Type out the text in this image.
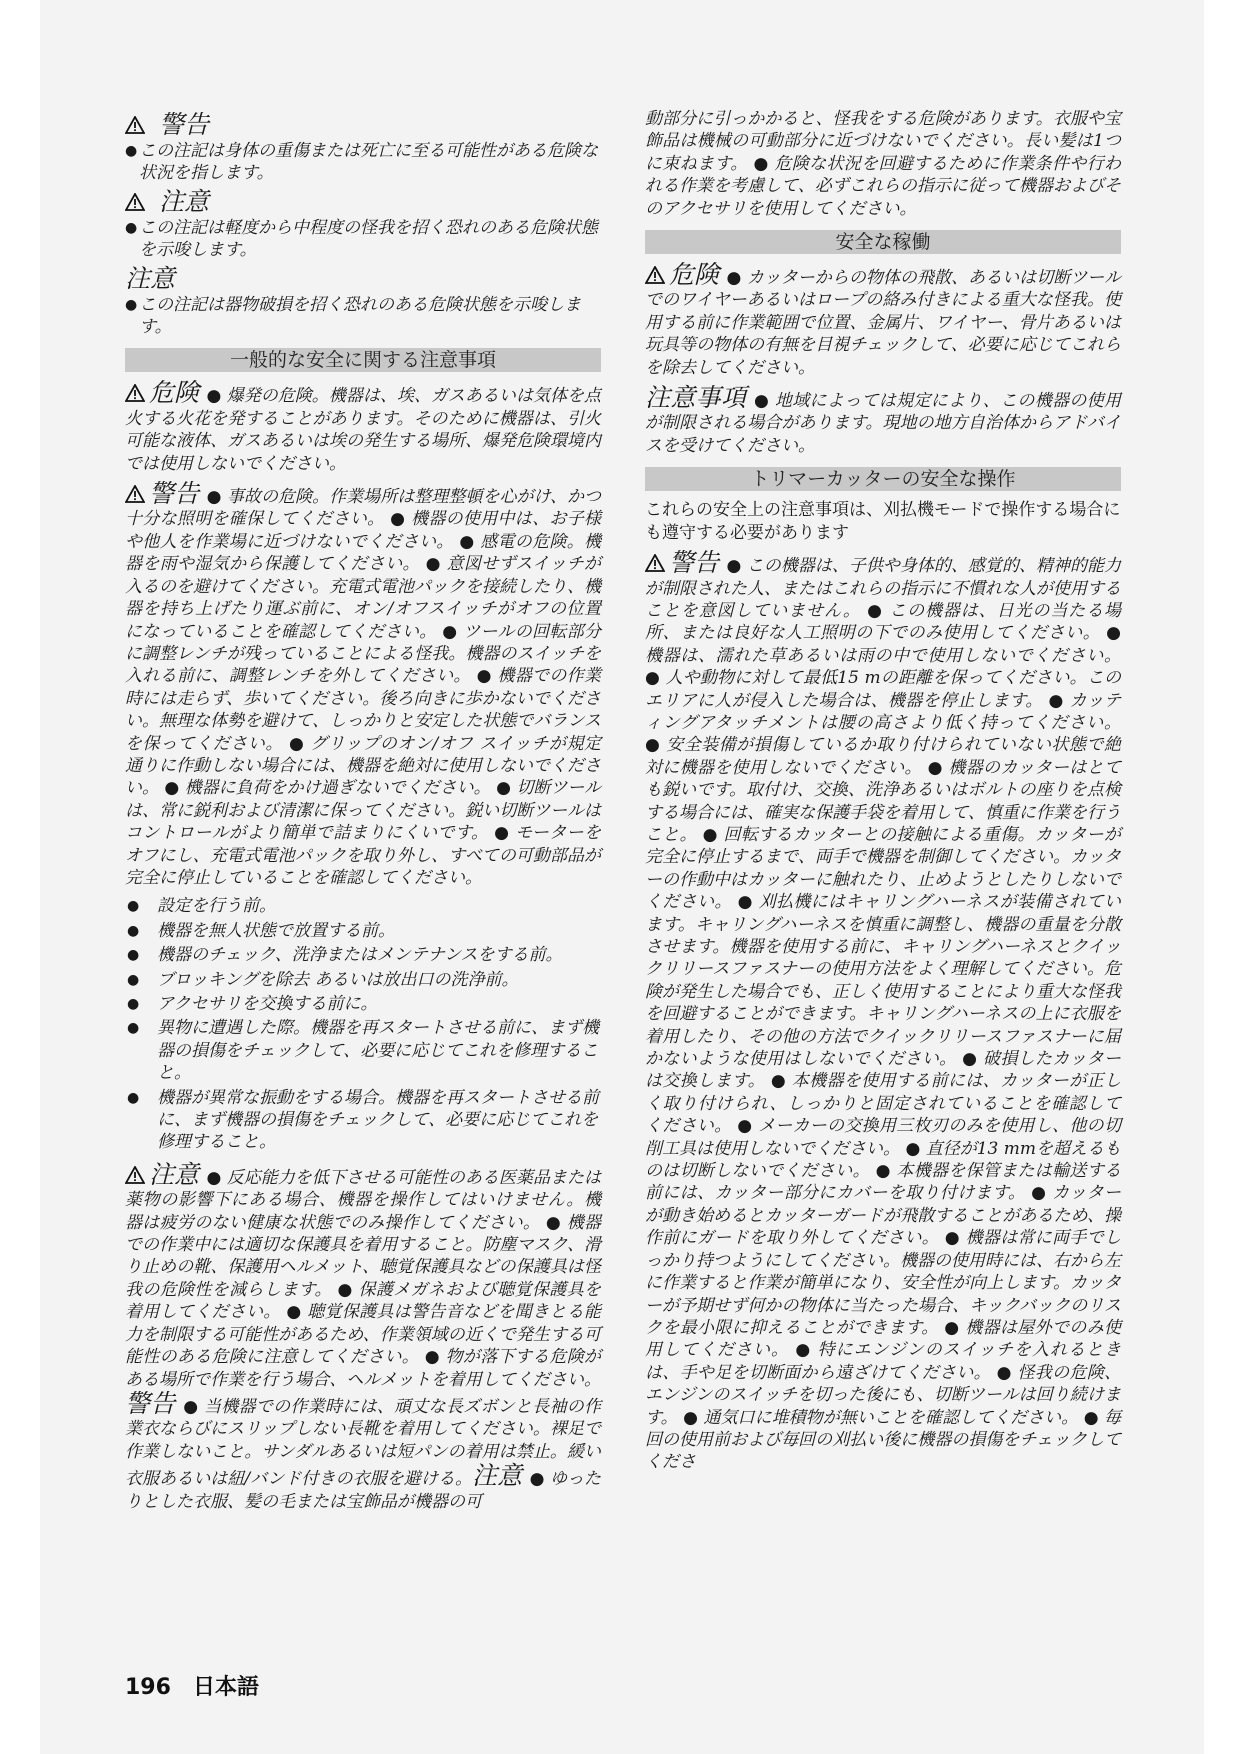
警告
● この注記は身体の重傷または死亡に至る可能性がある危険な状況を指します。
注意
● この注記は軽度から中程度の怪我を招く恐れのある危険状態を示唆します。
注意
● この注記は器物破損を招く恐れのある危険状態を示唆します。
一般的な安全に関する注意事項

危険 ● 爆発の危険。機器は、埃、ガスあるいは気体を点火する火花を発することがあります。そのために機器は、引火可能な液体、ガスあるいは埃の発生する場所、爆発危険環境内では使用しないでください。

警告 ● 事故の危険。作業場所は整理整頓を心がけ、かつ十分な照明を確保してください。 ● 機器の使用中は、お子様や他人を作業場に近づけないでください。 ● 感電の危険。機器を雨や湿気から保護してください。 ● 意図せずスイッチが入るのを避けてください。充電式電池パックを接続したり、機器を持ち上げたり運ぶ前に、オン/オフスイッチがオフの位置になっていることを確認してください。 ● ツールの回転部分に調整レンチが残っていることによる怪我。機器のスイッチを入れる前に、調整レンチを外してください。 ● 機器での作業時には走らず、歩いてください。後ろ向きに歩かないでください。無理な体勢を避けて、しっかりと安定した状態でバランスを保ってください。 ● グリップのオン/オフ スイッチが規定通りに作動しない場合には、機器を絶対に使用しないでください。 ● 機器に負荷をかけ過ぎないでください。 ● 切断ツールは、常に鋭利および清潔に保ってください。鋭い切断ツールはコントロールがより簡単で詰まりにくいです。 ● モーターをオフにし、充電式電池パックを取り外し、すべての可動部品が完全に停止していることを確認してください。

●	設定を行う前。
●	機器を無人状態で放置する前。
●	機器のチェック、洗浄またはメンテナンスをする前。
●	ブロッキングを除去 あるいは放出口の洗浄前。
●	アクセサリを交換する前に。
●	異物に遭遇した際。機器を再スタートさせる前に、まず機器の損傷をチェックして、必要に応じてこれを修理すること。
●	機器が異常な振動をする場合。機器を再スタートさせる前に、まず機器の損傷をチェックして、必要に応じてこれを修理すること。

注意 ● 反応能力を低下させる可能性のある医薬品または薬物の影響下にある場合、機器を操作してはいけません。機器は疲労のない健康な状態でのみ操作してください。 ● 機器での作業中には適切な保護具を着用すること。防塵マスク、滑り止めの靴、保護用ヘルメット、聴覚保護具などの保護具は怪我の危険性を減らします。 ● 保護メガネおよび聴覚保護具を着用してください。 ● 聴覚保護具は警告音などを聞きとる能力を制限する可能性があるため、作業領域の近くで発生する可能性のある危険に注意してください。 ● 物が落下する危険がある場所で作業を行う場合、ヘルメットを着用してください。警告 ● 当機器での作業時には、頑丈な長ズボンと長袖の作業衣ならびにスリップしない長靴を着用してください。裸足で作業しないこと。サンダルあるいは短パンの着用は禁止。緩い衣服あるいは紐/バンド付きの衣服を避ける。注意 ● ゆったりとした衣服、髪の毛または宝飾品が機器の可

動部分に引っかかると、怪我をする危険があります。衣服や宝飾品は機械の可動部分に近づけないでください。長い髪は1つに束ねます。 ● 危険な状況を回避するために作業条件や行われる作業を考慮して、必ずこれらの指示に従って機器およびそのアクセサリを使用してください。

安全な稼働

危険 ● カッターからの物体の飛散、あるいは切断ツールでのワイヤーあるいはロープの絡み付きによる重大な怪我。使用する前に作業範囲で位置、金属片、ワイヤー、骨片あるいは玩具等の物体の有無を目視チェックして、必要に応じてこれらを除去してください。

注意事項 ● 地域によっては規定により、この機器の使用が制限される場合があります。現地の地方自治体からアドバイスを受けてください。

トリマーカッターの安全な操作

これらの安全上の注意事項は、刈払機モードで操作する場合にも遵守する必要があります

警告 ● この機器は、子供や身体的、感覚的、精神的能力が制限された人、またはこれらの指示に不慣れな人が使用することを意図していません。 ● この機器は、日光の当たる場所、または良好な人工照明の下でのみ使用してください。 ● 機器は、濡れた草あるいは雨の中で使用しないでください。 ● 人や動物に対して最低15 mの距離を保ってください。このエリアに人が侵入した場合は、機器を停止します。 ● カッティングアタッチメントは腰の高さより低く持ってください。 ● 安全装備が損傷しているか取り付けられていない状態で絶対に機器を使用しないでください。 ● 機器のカッターはとても鋭いです。取付け、交換、洗浄あるいはボルトの座りを点検する場合には、確実な保護手袋を着用して、慎重に作業を行うこと。 ● 回転するカッターとの接触による重傷。カッターが完全に停止するまで、両手で機器を制御してください。カッターの作動中はカッターに触れたり、止めようとしたりしないでください。 ● 刈払機にはキャリングハーネスが装備されています。キャリングハーネスを慎重に調整し、機器の重量を分散させます。機器を使用する前に、キャリングハーネスとクイックリリースファスナーの使用方法をよく理解してください。危険が発生した場合でも、正しく使用することにより重大な怪我を回避することができます。キャリングハーネスの上に衣服を着用したり、その他の方法でクイックリリースファスナーに届かないような使用はしないでください。 ● 破損したカッターは交換します。 ● 本機器を使用する前には、カッターが正しく取り付けられ、しっかりと固定されていることを確認してください。 ● メーカーの交換用三枚刃のみを使用し、他の切削工具は使用しないでください。 ● 直径が13 mmを超えるものは切断しないでください。 ● 本機器を保管または輸送する前には、カッター部分にカバーを取り付けます。 ● カッターが動き始めるとカッターガードが飛散することがあるため、操作前にガードを取り外してください。 ● 機器は常に両手でしっかり持つようにしてください。機器の使用時には、右から左に作業すると作業が簡単になり、安全性が向上します。カッターが予期せず何かの物体に当たった場合、キックバックのリスクを最小限に抑えることができます。 ● 機器は屋外でのみ使用してください。 ● 特にエンジンのスイッチを入れるときは、手や足を切断面から遠ざけてください。 ● 怪我の危険、エンジンのスイッチを切った後にも、切断ツールは回り続けます。 ● 通気口に堆積物が無いことを確認してください。 ● 毎回の使用前および毎回の刈払い後に機器の損傷をチェックしてくださ

196 日本語
